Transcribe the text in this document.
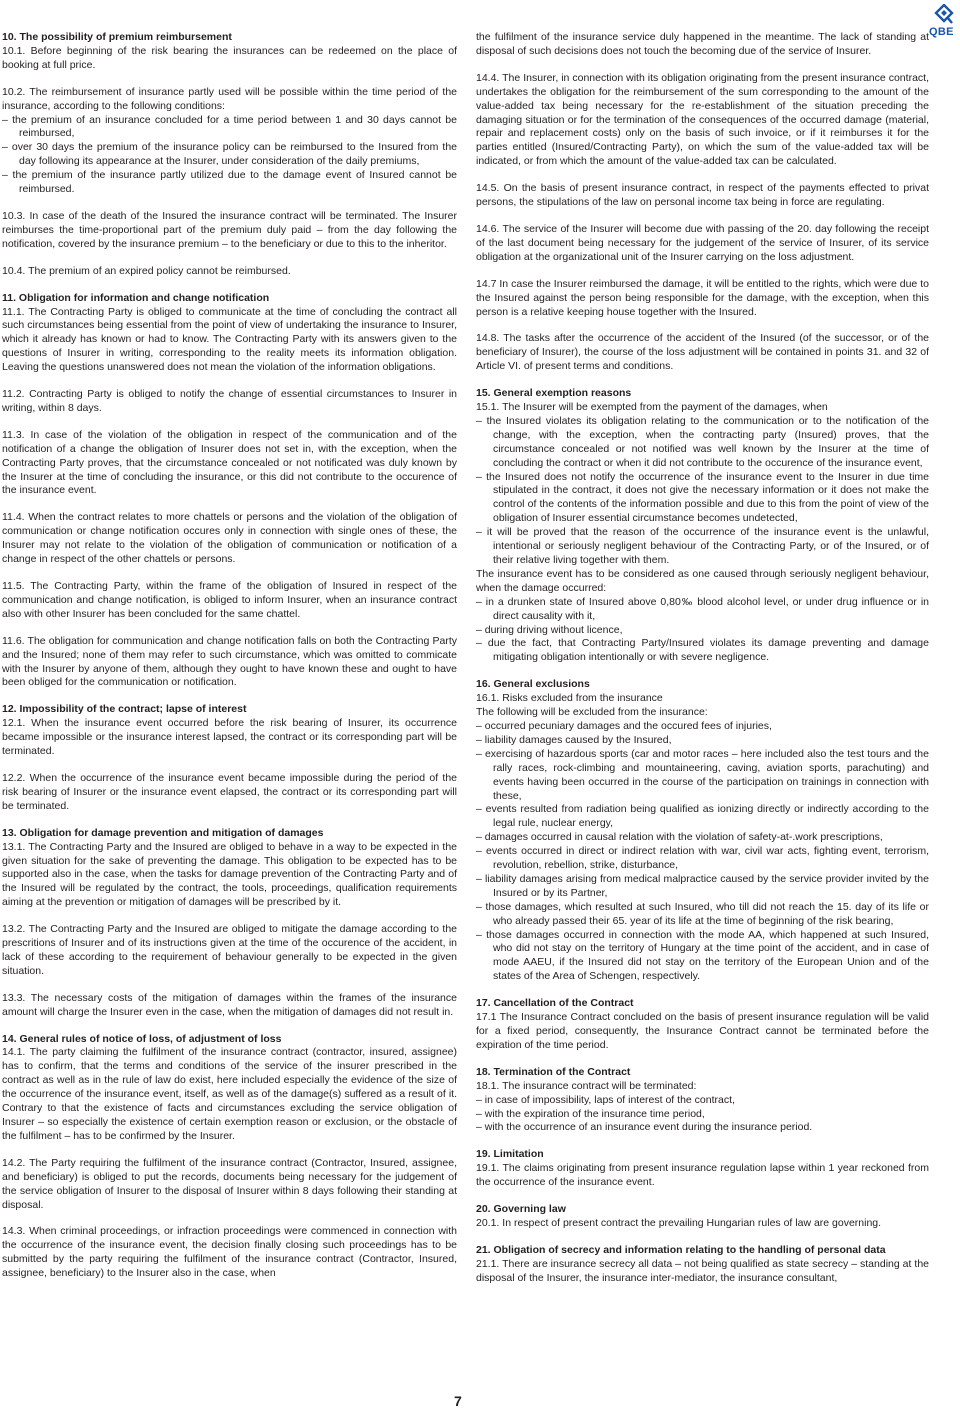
QBE
10. The possibility of premium reimbursement
10.1. Before beginning of the risk bearing the insurances can be redeemed on the place of booking at full price.
10.2. The reimbursement of insurance partly used will be possible within the time period of the insurance, according to the following conditions:
– the premium of an insurance concluded for a time period between 1 and 30 days cannot be reimbursed,
– over 30 days the premium of the insurance policy can be reimbursed to the Insured from the day following its appearance at the Insurer, under consideration of the daily premiums,
– the premium of the insurance partly utilized due to the damage event of Insured cannot be reimbursed.
10.3. In case of the death of the Insured the insurance contract will be terminated. The Insurer reimburses the time-proportional part of the premium duly paid – from the day following the notification, covered by the insurance premium – to the beneficiary or due to this to the inheritor.
10.4. The premium of an expired policy cannot be reimbursed.
11. Obligation for information and change notification
11.1. The Contracting Party is obliged to communicate at the time of concluding the contract all such circumstances being essential from the point of view of undertaking the insurance to Insurer, which it already has known or had to know. The Contracting Party with its answers given to the questions of Insurer in writing, corresponding to the reality meets its information obligation. Leaving the questions unanswered does not mean the violation of the information obligations.
11.2. Contracting Party is obliged to notify the change of essential circumstances to Insurer in writing, within 8 days.
11.3. In case of the violation of the obligation in respect of the communication and of the notification of a change the obligation of Insurer does not set in, with the exception, when the Contracting Party proves, that the circumstance concealed or not notificated was duly known by the Insurer at the time of concluding the insurance, or this did not contribute to the occurence of the insurance event.
11.4. When the contract relates to more chattels or persons and the violation of the obligation of communication or change notification occures only in connection with single ones of these, the Insurer may not relate to the violation of the obligation of communication or notification of a change in respect of the other chattels or persons.
11.5. The Contracting Party, within the frame of the obligation of Insured in respect of the communication and change notification, is obliged to inform Insurer, when an insurance contract also with other Insurer has been concluded for the same chattel.
11.6. The obligation for communication and change notification falls on both the Contracting Party and the Insured; none of them may refer to such circumstance, which was omitted to commicate with the Insurer by anyone of them, although they ought to have known these and ought to have been obliged for the communication or notification.
12. Impossibility of the contract; lapse of interest
12.1. When the insurance event occurred before the risk bearing of Insurer, its occurrence became impossible or the insurance interest lapsed, the contract or its corresponding part will be terminated.
12.2. When the occurrence of the insurance event became impossible during the period of the risk bearing of Insurer or the insurance event elapsed, the contract or its corresponding part will be terminated.
13. Obligation for damage prevention and mitigation of damages
13.1. The Contracting Party and the Insured are obliged to behave in a way to be expected in the given situation for the sake of preventing the damage. This obligation to be expected has to be supported also in the case, when the tasks for damage prevention of the Contracting Party and of the Insured will be regulated by the contract, the tools, proceedings, qualification requirements aiming at the prevention or mitigation of damages will be prescribed by it.
13.2. The Contracting Party and the Insured are obliged to mitigate the damage according to the prescritions of Insurer and of its instructions given at the time of the occurence of the accident, in lack of these according to the requirement of behaviour generally to be expected in the given situation.
13.3. The necessary costs of the mitigation of damages within the frames of the insurance amount will charge the Insurer even in the case, when the mitigation of damages did not result in.
14. General rules of notice of loss, of adjustment of loss
14.1. The party claiming the fulfilment of the insurance contract (contractor, insured, assignee) has to confirm, that the terms and conditions of the service of the insurer prescribed in the contract as well as in the rule of law do exist, here included especially the evidence of the size of the occurrence of the insurance event, itself, as well as of the damage(s) suffered as a result of it. Contrary to that the existence of facts and circumstances excluding the service obligation of Insurer – so especially the existence of certain exemption reason or exclusion, or the obstacle of the fulfilment – has to be confirmed by the Insurer.
14.2. The Party requiring the fulfilment of the insurance contract (Contractor, Insured, assignee, and beneficiary) is obliged to put the records, documents being necessary for the judgement of the service obligation of Insurer to the disposal of Insurer within 8 days following their standing at disposal.
14.3. When criminal proceedings, or infraction proceedings were commenced in connection with the occurrence of the insurance event, the decision finally closing such proceedings has to be submitted by the party requiring the fulfilment of the insurance contract (Contractor, Insured, assignee, beneficiary) to the Insurer also in the case, when
the fulfilment of the insurance service duly happened in the meantime. The lack of standing at disposal of such decisions does not touch the becoming due of the service of Insurer.
14.4. The Insurer, in connection with its obligation originating from the present insurance contract, undertakes the obligation for the reimbursement of the sum corresponding to the amount of the value-added tax being necessary for the re-establishment of the situation preceding the damaging situation or for the termination of the consequences of the occurred damage (material, repair and replacement costs) only on the basis of such invoice, or if it reimburses it for the parties entitled (Insured/Contracting Party), on which the sum of the value-added tax will be indicated, or from which the amount of the value-added tax can be calculated.
14.5. On the basis of present insurance contract, in respect of the payments effected to privat persons, the stipulations of the law on personal income tax being in force are regulating.
14.6. The service of the Insurer will become due with passing of the 20. day following the receipt of the last document being necessary for the judgement of the service of Insurer, of its service obligation at the organizational unit of the Insurer carrying on the loss adjustment.
14.7 In case the Insurer reimbursed the damage, it will be entitled to the rights, which were due to the Insured against the person being responsible for the damage, with the exception, when this person is a relative keeping house together with the Insured.
14.8. The tasks after the occurrence of the accident of the Insured (of the successor, or of the beneficiary of Insurer), the course of the loss adjustment will be contained in points 31. and 32 of Article VI. of present terms and conditions.
15. General exemption reasons
15.1. The Insurer will be exempted from the payment of the damages, when
– the Insured violates its obligation relating to the communication or to the notification of the change, with the exception, when the contracting party (Insured) proves, that the circumstance concealed or not notified was well known by the Insurer at the time of concluding the contract or when it did not contribute to the occurence of the insurance event,
– the Insured does not notify the occurrence of the insurance event to the Insurer in due time stipulated in the contract, it does not give the necessary information or it does not make the control of the contents of the information possible and due to this from the point of view of the obligation of Insurer essential circumstance becomes undetected,
– it will be proved that the reason of the occurrence of the insurance event is the unlawful, intentional or seriously negligent behaviour of the Contracting Party, or of the Insured, or of their relative living together with them.
The insurance event has to be considered as one caused through seriously negligent behaviour, when the damage occurred:
– in a drunken state of Insured above 0,80‰ blood alcohol level, or under drug influence or in direct causality with it,
– during driving without licence,
– due the fact, that Contracting Party/Insured violates its damage preventing and damage mitigating obligation intentionally or with severe negligence.
16. General exclusions
16.1. Risks excluded from the insurance
The following will be excluded from the insurance:
– occurred pecuniary damages and the occured fees of injuries,
– liability damages caused by the Insured,
– exercising of hazardous sports (car and motor races – here included also the test tours and the rally races, rock-climbing and mountaineering, caving, aviation sports, parachuting) and events having been occurred in the course of the participation on trainings in connection with these,
– events resulted from radiation being qualified as ionizing directly or indirectly according to the legal rule, nuclear energy,
– damages occurred in causal relation with the violation of safety-at-.work prescriptions,
– events occurred in direct or indirect relation with war, civil war acts, fighting event, terrorism, revolution, rebellion, strike, disturbance,
– liability damages arising from medical malpractice caused by the service provider invited by the Insured or by its Partner,
– those damages, which resulted at such Insured, who till did not reach the 15. day of its life or who already passed their 65. year of its life at the time of beginning of the risk bearing,
– those damages occurred in connection with the mode AA, which happened at such Insured, who did not stay on the territory of Hungary at the time point of the accident, and in case of mode AAEU, if the Insured did not stay on the territory of the European Union and of the states of the Area of Schengen, respectively.
17. Cancellation of the Contract
17.1 The Insurance Contract concluded on the basis of present insurance regulation will be valid for a fixed period, consequently, the Insurance Contract cannot be terminated before the expiration of the time period.
18. Termination of the Contract
18.1. The insurance contract will be terminated:
– in case of impossibility, laps of interest of the contract,
– with the expiration of the insurance time period,
– with the occurrence of an insurance event during the insurance period.
19. Limitation
19.1. The claims originating from present insurance regulation lapse within 1 year reckoned from the occurrence of the insurance event.
20. Governing law
20.1. In respect of present contract the prevailing Hungarian rules of law are governing.
21. Obligation of secrecy and information relating to the handling of personal data
21.1. There are insurance secrecy all data – not being qualified as state secrecy – standing at the disposal of the Insurer, the insurance inter-mediator, the insurance consultant,
7
